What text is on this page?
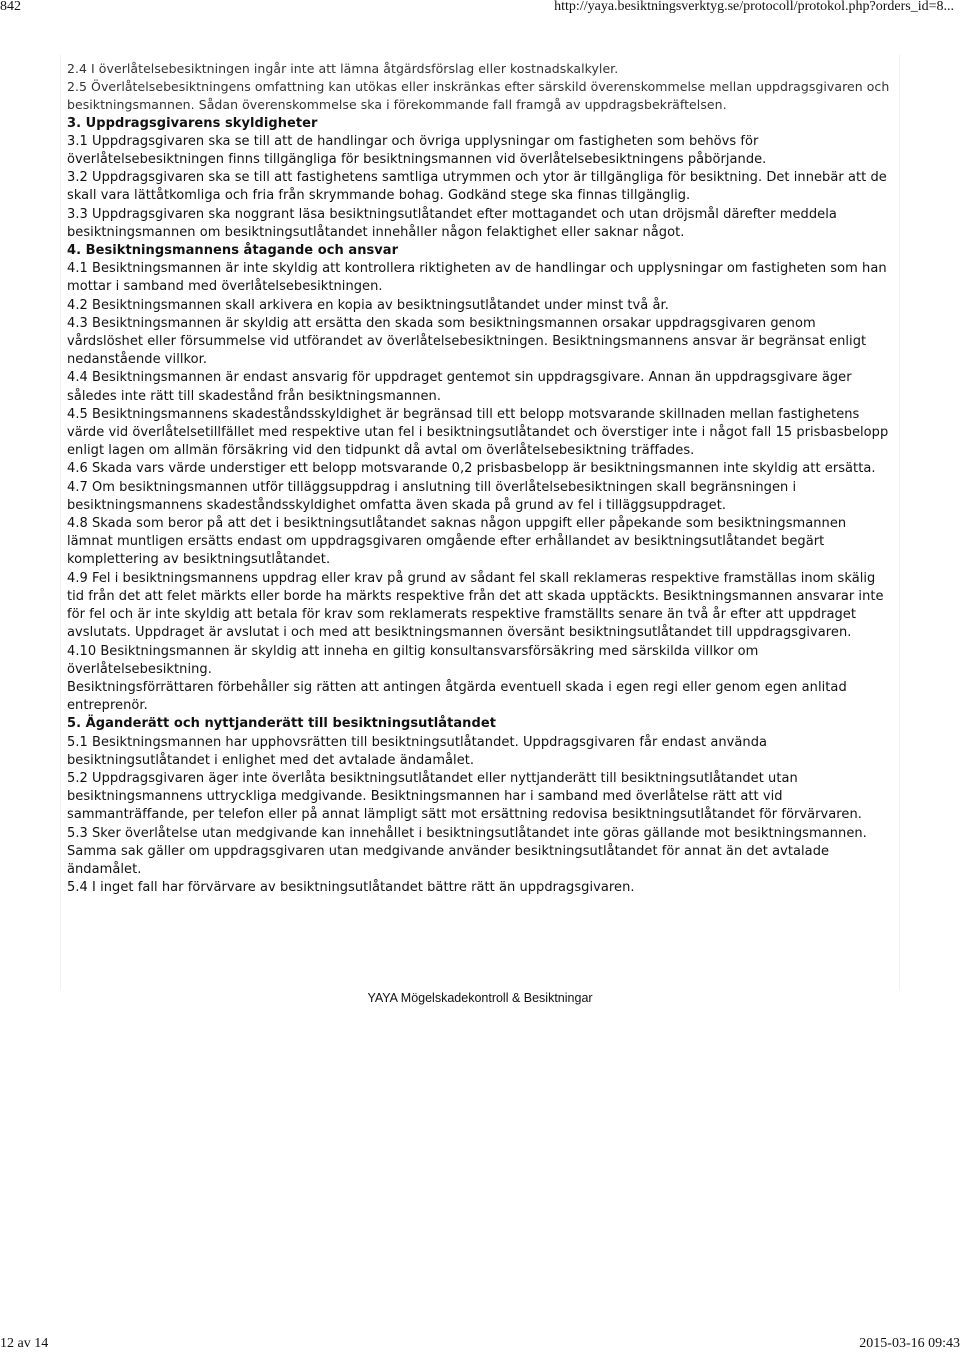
842	http://yaya.besiktningsverktyg.se/protocoll/protokol.php?orders_id=8...

2.4 I överlåtelsebesiktningen ingår inte att lämna åtgärdsförslag eller kostnadskalkyler.

2.5 Överlåtelsebesiktningens omfattning kan utökas eller inskränkas efter särskild överenskommelse mellan uppdragsgivaren och besiktningsmannen. Sådan överenskommelse ska i förekommande fall framgå av uppdragsbekräftelsen.

3. Uppdragsgivarens skyldigheter

3.1 Uppdragsgivaren ska se till att de handlingar och övriga upplysningar om fastigheten som behövs för överlåtelsebesiktningen finns tillgängliga för besiktningsmannen vid överlåtelsebesiktningens påbörjande.

3.2 Uppdragsgivaren ska se till att fastighetens samtliga utrymmen och ytor är tillgängliga för besiktning. Det innebär att de skall vara lättåtkomliga och fria från skrymmande bohag. Godkänd stege ska finnas tillgänglig.

3.3 Uppdragsgivaren ska noggrant läsa besiktningsutlåtandet efter mottagandet och utan dröjsmål därefter meddela besiktningsmannen om besiktningsutlåtandet innehåller någon felaktighet eller saknar något.

4. Besiktningsmannens åtagande och ansvar

4.1 Besiktningsmannen är inte skyldig att kontrollera riktigheten av de handlingar och upplysningar om fastigheten som han mottar i samband med överlåtelsebesiktningen.

4.2 Besiktningsmannen skall arkivera en kopia av besiktningsutlåtandet under minst två år.

4.3 Besiktningsmannen är skyldig att ersätta den skada som besiktningsmannen orsakar uppdragsgivaren genom vårdslöshet eller försummelse vid utförandet av överlåtelsebesiktningen. Besiktningsmannens ansvar är begränsat enligt nedanstående villkor.

4.4 Besiktningsmannen är endast ansvarig för uppdraget gentemot sin uppdragsgivare. Annan än uppdragsgivare äger således inte rätt till skadestånd från besiktningsmannen.

4.5 Besiktningsmannens skadeståndsskyldighet är begränsad till ett belopp motsvarande skillnaden mellan fastighetens värde vid överlåtelsetillfället med respektive utan fel i besiktningsutlåtandet och överstiger inte i något fall 15 prisbasbelopp enligt lagen om allmän försäkring vid den tidpunkt då avtal om överlåtelsebesiktning träffades.

4.6 Skada vars värde understiger ett belopp motsvarande 0,2 prisbasbelopp är besiktningsmannen inte skyldig att ersätta.

4.7 Om besiktningsmannen utför tilläggsuppdrag i anslutning till överlåtelsebesiktningen skall begränsningen i besiktningsmannens skadeståndsskyldighet omfatta även skada på grund av fel i tilläggsuppdraget.

4.8 Skada som beror på att det i besiktningsutlåtandet saknas någon uppgift eller påpekande som besiktningsmannen lämnat muntligen ersätts endast om uppdragsgivaren omgående efter erhållandet av besiktningsutlåtandet begärt komplettering av besiktningsutlåtandet.

4.9 Fel i besiktningsmannens uppdrag eller krav på grund av sådant fel skall reklameras respektive framställas inom skälig tid från det att felet märkts eller borde ha märkts respektive från det att skada upptäckts. Besiktningsmannen ansvarar inte för fel och är inte skyldig att betala för krav som reklamerats respektive framställts senare än två år efter att uppdraget avslutats. Uppdraget är avslutat i och med att besiktningsmannen översänt besiktningsutlåtandet till uppdragsgivaren.

4.10 Besiktningsmannen är skyldig att inneha en giltig konsultansvarsförsäkring med särskilda villkor om överlåtelsebesiktning.

Besiktningsförrättaren förbehåller sig rätten att antingen åtgärda eventuell skada i egen regi eller genom egen anlitad entreprenör.

5. Äganderätt och nyttjanderätt till besiktningsutlåtandet

5.1 Besiktningsmannen har upphovsrätten till besiktningsutlåtandet. Uppdragsgivaren får endast använda besiktningsutlåtandet i enlighet med det avtalade ändamålet.

5.2 Uppdragsgivaren äger inte överlåta besiktningsutlåtandet eller nyttjanderätt till besiktningsutlåtandet utan besiktningsmannens uttryckliga medgivande. Besiktningsmannen har i samband med överlåtelse rätt att vid sammanträffande, per telefon eller på annat lämpligt sätt mot ersättning redovisa besiktningsutlåtandet för förvärvaren.

5.3 Sker överlåtelse utan medgivande kan innehållet i besiktningsutlåtandet inte göras gällande mot besiktningsmannen. Samma sak gäller om uppdragsgivaren utan medgivande använder besiktningsutlåtandet för annat än det avtalade ändamålet.

5.4 I inget fall har förvärvare av besiktningsutlåtandet bättre rätt än uppdragsgivaren.

YAYA Mögelskadekontroll & Besiktningar
12 av 14	2015-03-16 09:43
